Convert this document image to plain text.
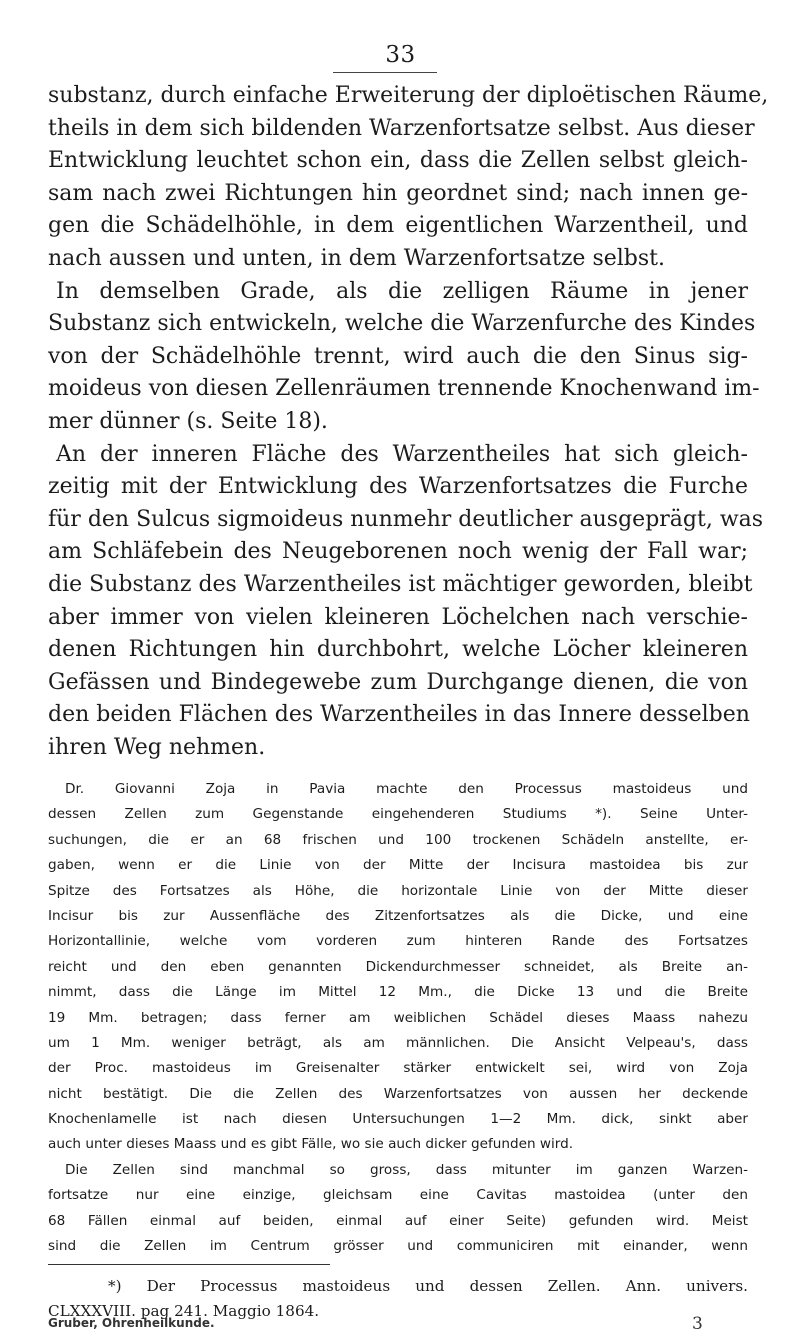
33
substanz, durch einfache Erweiterung der diploëtischen Räume,
theils in dem sich bildenden Warzenfortsatze selbst. Aus dieser
Entwicklung leuchtet schon ein, dass die Zellen selbst gleich-
sam nach zwei Richtungen hin geordnet sind; nach innen ge-
gen die Schädelhöhle, in dem eigentlichen Warzentheil, und
nach aussen und unten, in dem Warzenfortsatze selbst.
In demselben Grade, als die zelligen Räume in jener
Substanz sich entwickeln, welche die Warzenfurche des Kindes
von der Schädelhöhle trennt, wird auch die den Sinus sig-
moideus von diesen Zellenräumen trennende Knochenwand im-
mer dünner (s. Seite 18).
An der inneren Fläche des Warzentheiles hat sich gleich-
zeitig mit der Entwicklung des Warzenfortsatzes die Furche
für den Sulcus sigmoideus nunmehr deutlicher ausgeprägt, was
am Schläfebein des Neugeborenen noch wenig der Fall war;
die Substanz des Warzentheiles ist mächtiger geworden, bleibt
aber immer von vielen kleineren Löchelchen nach verschie-
denen Richtungen hin durchbohrt, welche Löcher kleineren
Gefässen und Bindegewebe zum Durchgange dienen, die von
den beiden Flächen des Warzentheiles in das Innere desselben
ihren Weg nehmen.
Dr. Giovanni Zoja in Pavia machte den Processus mastoideus und
dessen Zellen zum Gegenstande eingehenderen Studiums *). Seine Unter-
suchungen, die er an 68 frischen und 100 trockenen Schädeln anstellte, er-
gaben, wenn er die Linie von der Mitte der Incisura mastoidea bis zur
Spitze des Fortsatzes als Höhe, die horizontale Linie von der Mitte dieser
Incisur bis zur Aussenfläche des Zitzenfortsatzes als die Dicke, und eine
Horizontallinie, welche vom vorderen zum hinteren Rande des Fortsatzes
reicht und den eben genannten Dickendurchmesser schneidet, als Breite an-
nimmt, dass die Länge im Mittel 12 Mm., die Dicke 13 und die Breite
19 Mm. betragen; dass ferner am weiblichen Schädel dieses Maass nahezu
um 1 Mm. weniger beträgt, als am männlichen. Die Ansicht Velpeau's, dass
der Proc. mastoideus im Greisenalter stärker entwickelt sei, wird von Zoja
nicht bestätigt. Die die Zellen des Warzenfortsatzes von aussen her deckende
Knochenlamelle ist nach diesen Untersuchungen 1—2 Mm. dick, sinkt aber
auch unter dieses Maass und es gibt Fälle, wo sie auch dicker gefunden wird.
Die Zellen sind manchmal so gross, dass mitunter im ganzen Warzen-
fortsatze nur eine einzige, gleichsam eine Cavitas mastoidea (unter den
68 Fällen einmal auf beiden, einmal auf einer Seite) gefunden wird. Meist
sind die Zellen im Centrum grösser und communiciren mit einander, wenn
*) Der Processus mastoideus und dessen Zellen. Ann. univers.
CLXXXVIII. pag 241. Maggio 1864.
Gruber, Ohrenheilkunde.	3
